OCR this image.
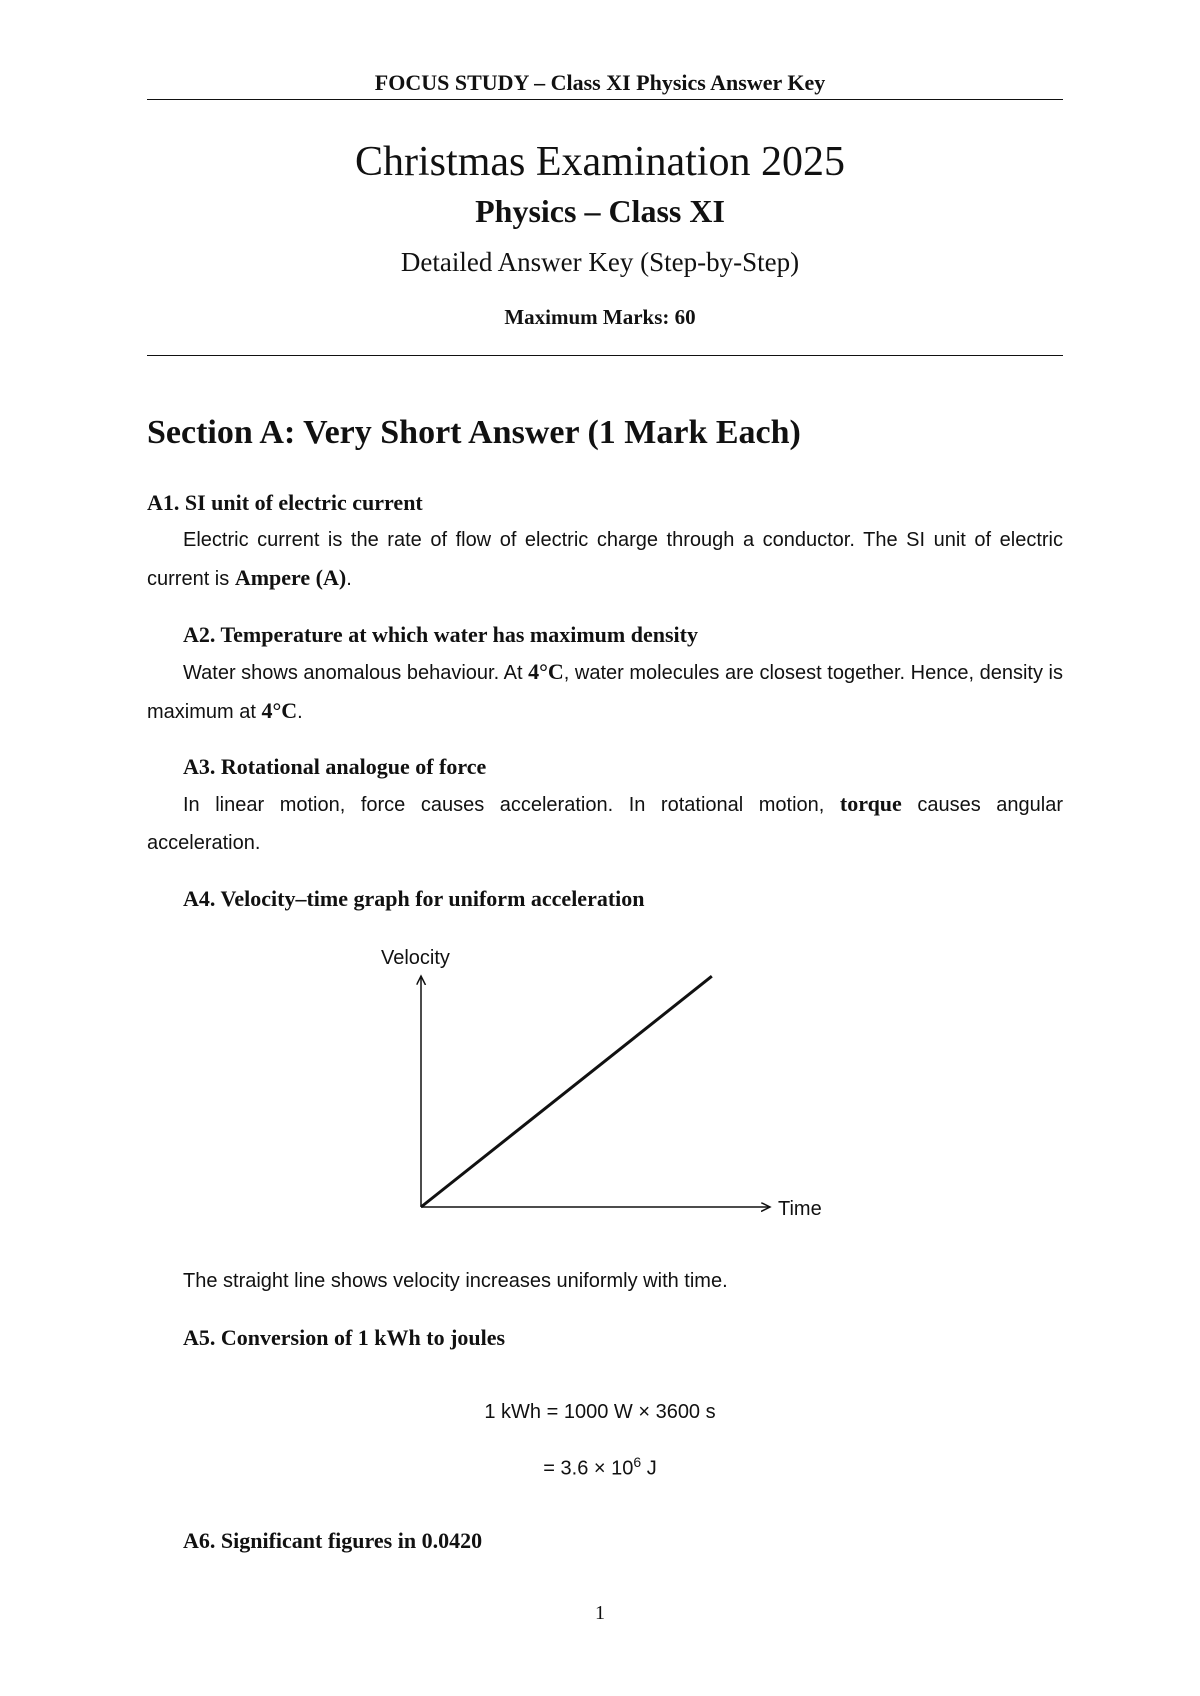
FOCUS STUDY – Class XI Physics Answer Key
Christmas Examination 2025
Physics – Class XI
Detailed Answer Key (Step-by-Step)
Maximum Marks: 60
Section A: Very Short Answer (1 Mark Each)
A1. SI unit of electric current
Electric current is the rate of flow of electric charge through a conductor. The SI unit of electric current is Ampere (A).
A2. Temperature at which water has maximum density
Water shows anomalous behaviour. At 4°C, water molecules are closest together. Hence, density is maximum at 4°C.
A3. Rotational analogue of force
In linear motion, force causes acceleration. In rotational motion, torque causes angular acceleration.
A4. Velocity–time graph for uniform acceleration
Velocity
Time
The straight line shows velocity increases uniformly with time.
A5. Conversion of 1 kWh to joules
1 kWh = 1000 W × 3600 s
= $3.6 \times 10^6$ J
A6. Significant figures in 0.0420
1
